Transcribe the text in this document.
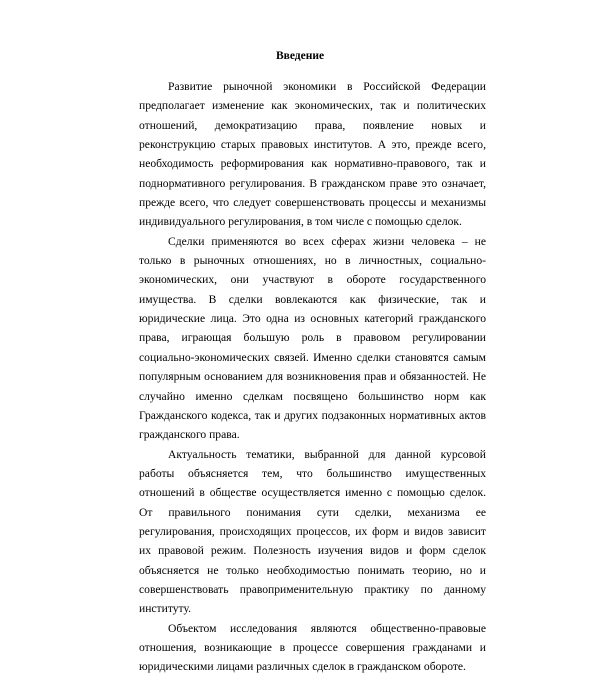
Введение

Развитие рыночной экономики в Российской Федерации предполагает изменение как экономических, так и политических отношений, демократизацию права, появление новых и реконструкцию старых правовых институтов. А это, прежде всего, необходимость реформирования как нормативно-правового, так и поднормативного регулирования. В гражданском праве это означает, прежде всего, что следует совершенствовать процессы и механизмы индивидуального регулирования, в том числе с помощью сделок.

Сделки применяются во всех сферах жизни человека – не только в рыночных отношениях, но в личностных, социально-экономических, они участвуют в обороте государственного имущества. В сделки вовлекаются как физические, так и юридические лица. Это одна из основных категорий гражданского права, играющая большую роль в правовом регулировании социально-экономических связей. Именно сделки становятся самым популярным основанием для возникновения прав и обязанностей. Не случайно именно сделкам посвящено большинство норм как Гражданского кодекса, так и других подзаконных нормативных актов гражданского права.

Актуальность тематики, выбранной для данной курсовой работы объясняется тем, что большинство имущественных отношений в обществе осуществляется именно с помощью сделок. От правильного понимания сути сделки, механизма ее регулирования, происходящих процессов, их форм и видов зависит их правовой режим. Полезность изучения видов и форм сделок объясняется не только необходимостью понимать теорию, но и совершенствовать правоприменительную практику по данному институту.

Объектом исследования являются общественно-правовые отношения, возникающие в процессе совершения гражданами и юридическими лицами различных сделок в гражданском обороте.
